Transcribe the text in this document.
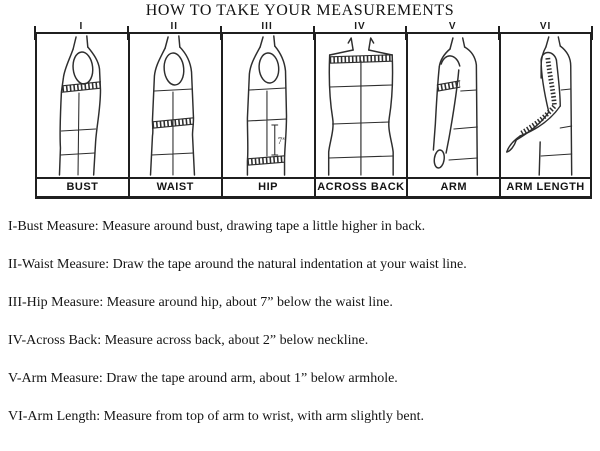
HOW TO TAKE YOUR MEASUREMENTS
I	II	III	IV	V	VI
7”
BUST	WAIST	HIP	ACROSS BACK	ARM	ARM LENGTH

I-Bust Measure: Measure around bust, drawing tape a little higher in back.

II-Waist Measure: Draw the tape around the natural indentation at your waist line.

III-Hip Measure: Measure around hip, about 7” below the waist line.

IV-Across Back: Measure across back, about 2” below neckline.

V-Arm Measure: Draw the tape around arm, about 1” below armhole.

VI-Arm Length: Measure from top of arm to wrist, with arm slightly bent.
